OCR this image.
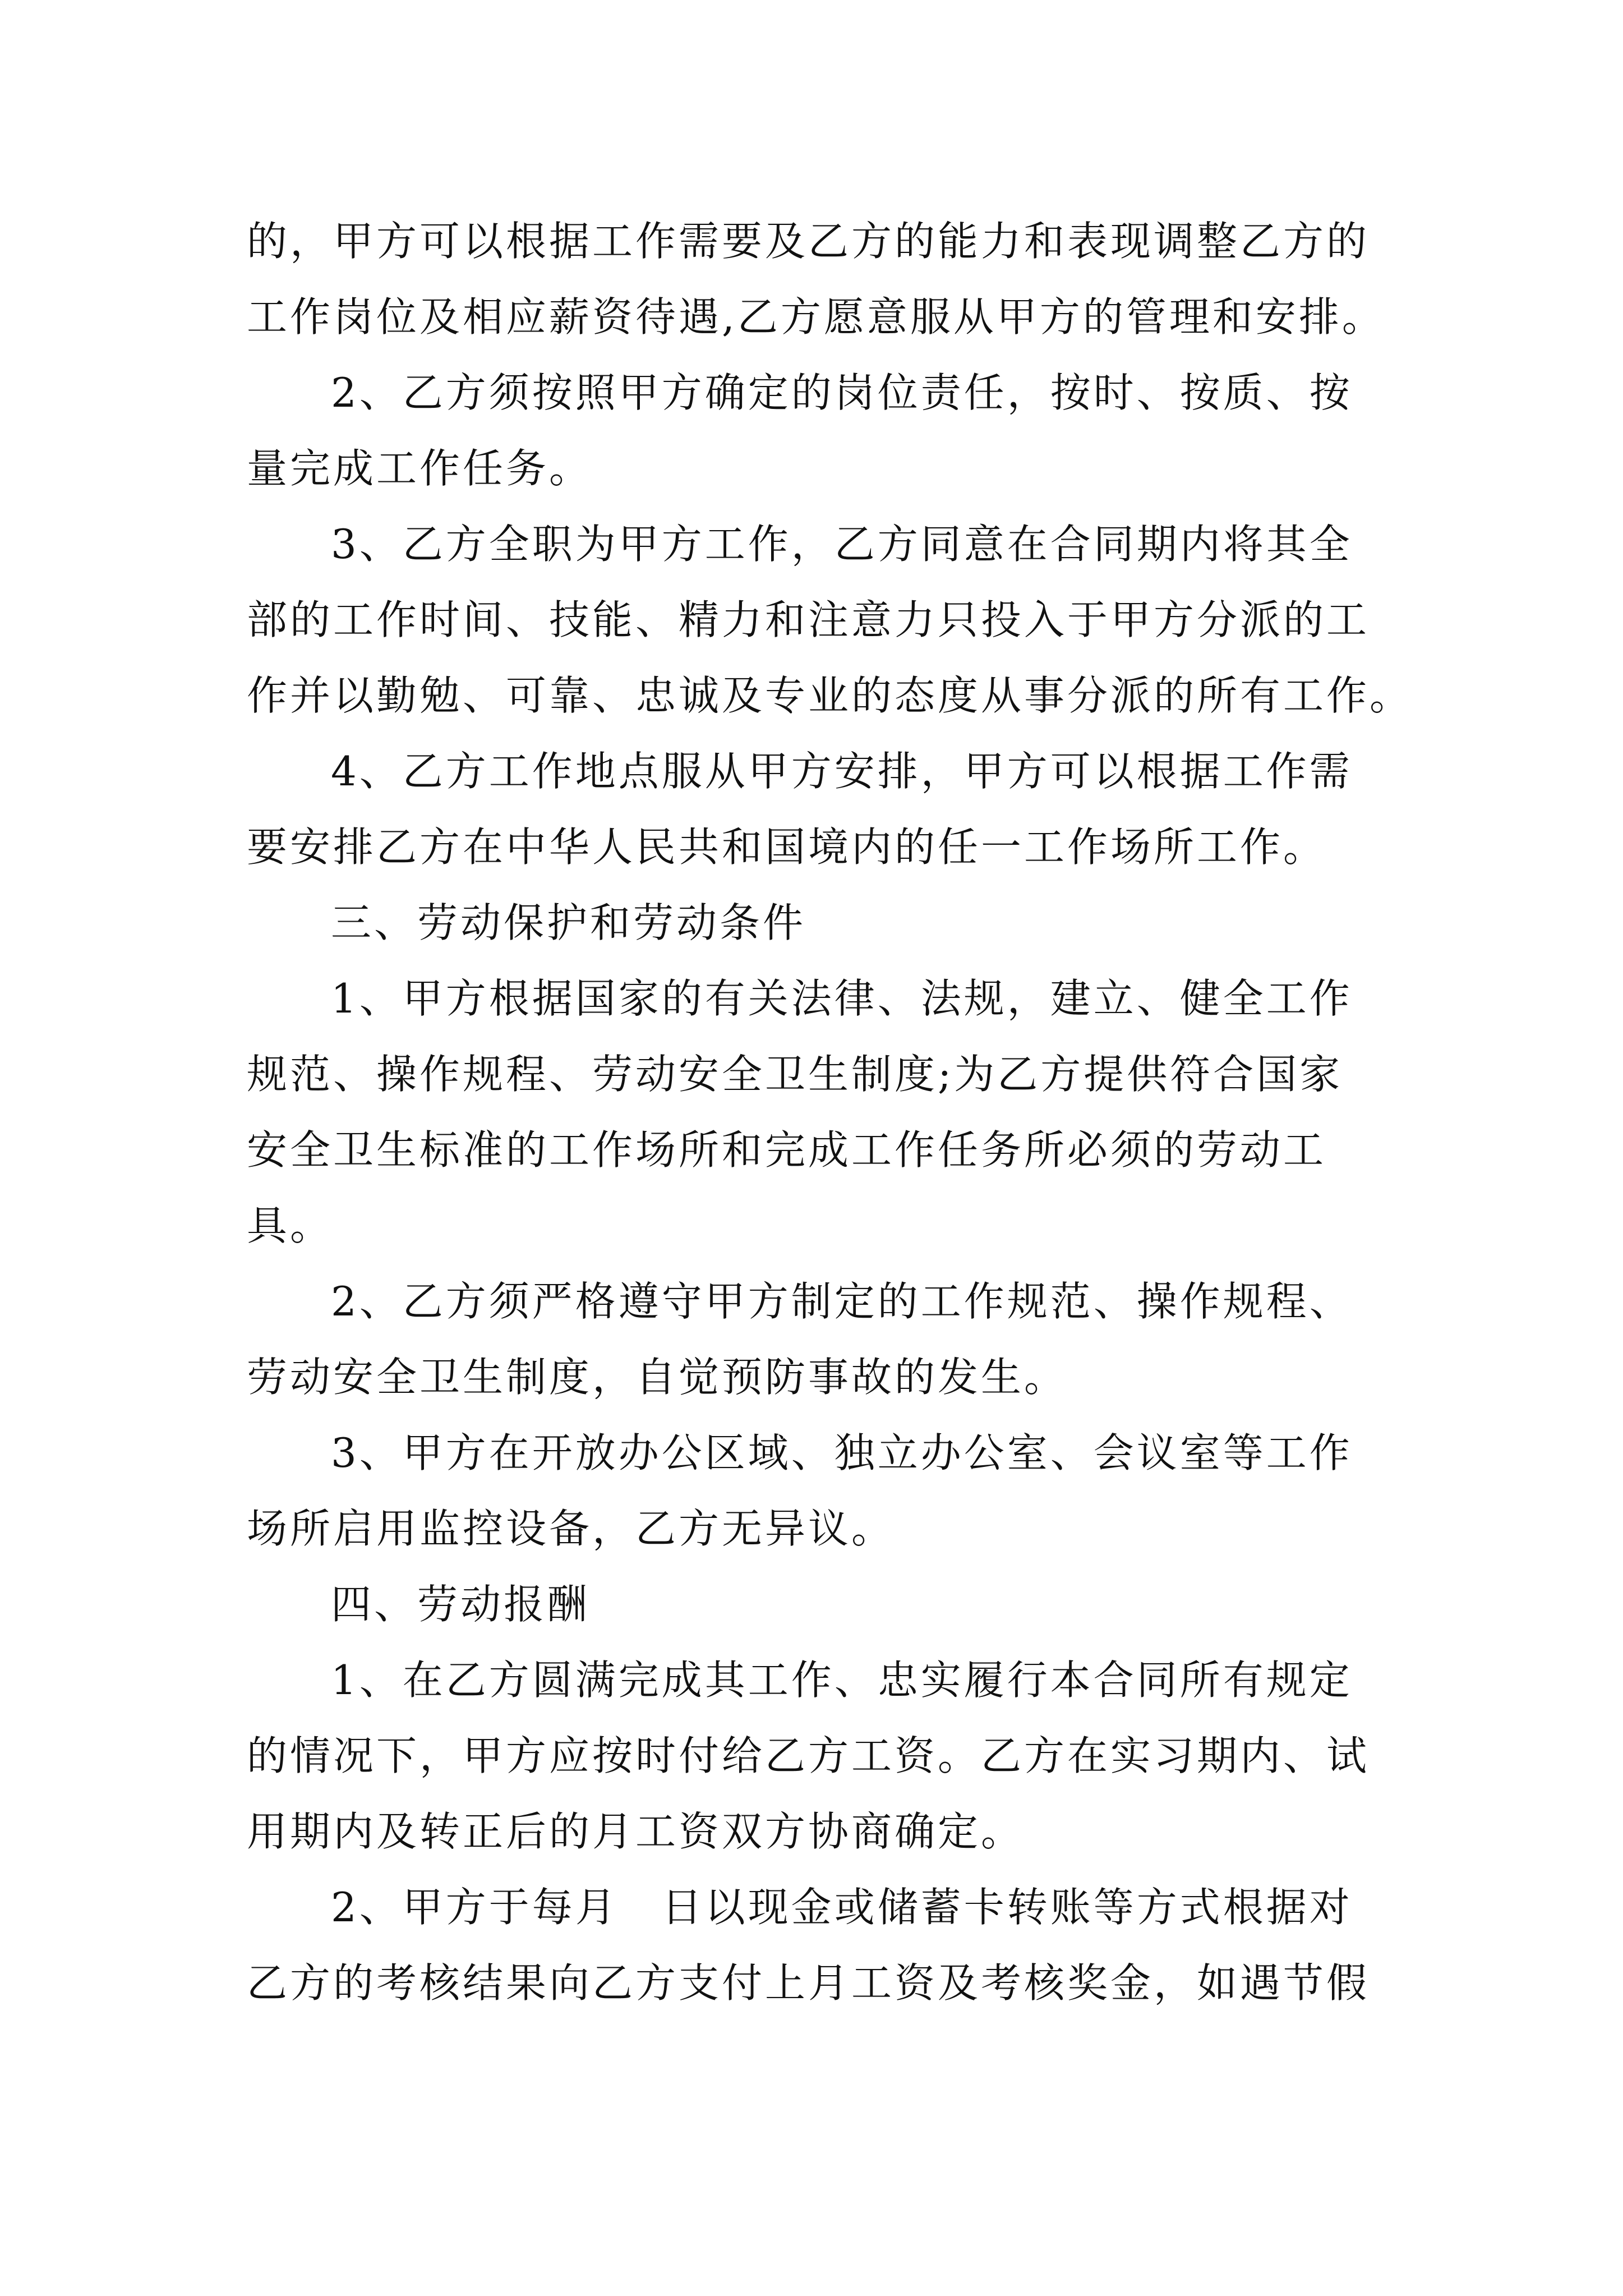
的，甲方可以根据工作需要及乙方的能力和表现调整乙方的
工作岗位及相应薪资待遇,乙方愿意服从甲方的管理和安排。
2、乙方须按照甲方确定的岗位责任，按时、按质、按
量完成工作任务。
3、乙方全职为甲方工作，乙方同意在合同期内将其全
部的工作时间、技能、精力和注意力只投入于甲方分派的工
作并以勤勉、可靠、忠诚及专业的态度从事分派的所有工作。
4、乙方工作地点服从甲方安排，甲方可以根据工作需
要安排乙方在中华人民共和国境内的任一工作场所工作。
三、劳动保护和劳动条件
1、甲方根据国家的有关法律、法规，建立、健全工作
规范、操作规程、劳动安全卫生制度;为乙方提供符合国家
安全卫生标准的工作场所和完成工作任务所必须的劳动工
具。
2、乙方须严格遵守甲方制定的工作规范、操作规程、
劳动安全卫生制度，自觉预防事故的发生。
3、甲方在开放办公区域、独立办公室、会议室等工作
场所启用监控设备，乙方无异议。
四、劳动报酬
1、在乙方圆满完成其工作、忠实履行本合同所有规定
的情况下，甲方应按时付给乙方工资。乙方在实习期内、试
用期内及转正后的月工资双方协商确定。
2、甲方于每月　日以现金或储蓄卡转账等方式根据对
乙方的考核结果向乙方支付上月工资及考核奖金，如遇节假
